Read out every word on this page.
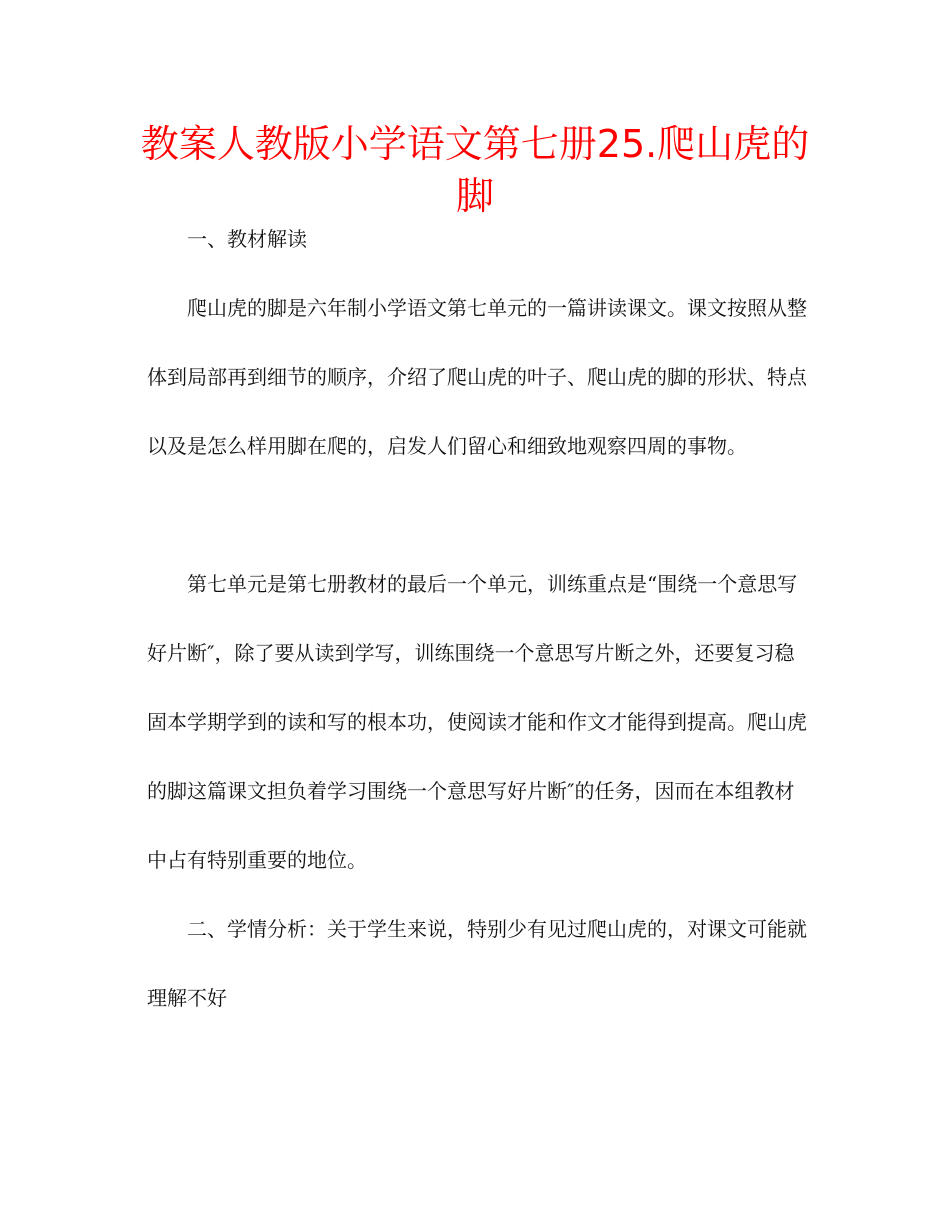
教案人教版小学语文第七册25.爬山虎的脚

一、教材解读

爬山虎的脚是六年制小学语文第七单元的一篇讲读课文。课文按照从整体到局部再到细节的顺序，介绍了爬山虎的叶子、爬山虎的脚的形状、特点以及是怎么样用脚在爬的，启发人们留心和细致地观察四周的事物。

第七单元是第七册教材的最后一个单元，训练重点是“围绕一个意思写好片断″，除了要从读到学写，训练围绕一个意思写片断之外，还要复习稳固本学期学到的读和写的根本功，使阅读才能和作文才能得到提高。爬山虎的脚这篇课文担负着学习围绕一个意思写好片断″的任务，因而在本组教材中占有特别重要的地位。

二、学情分析：关于学生来说，特别少有见过爬山虎的，对课文可能就理解不好
